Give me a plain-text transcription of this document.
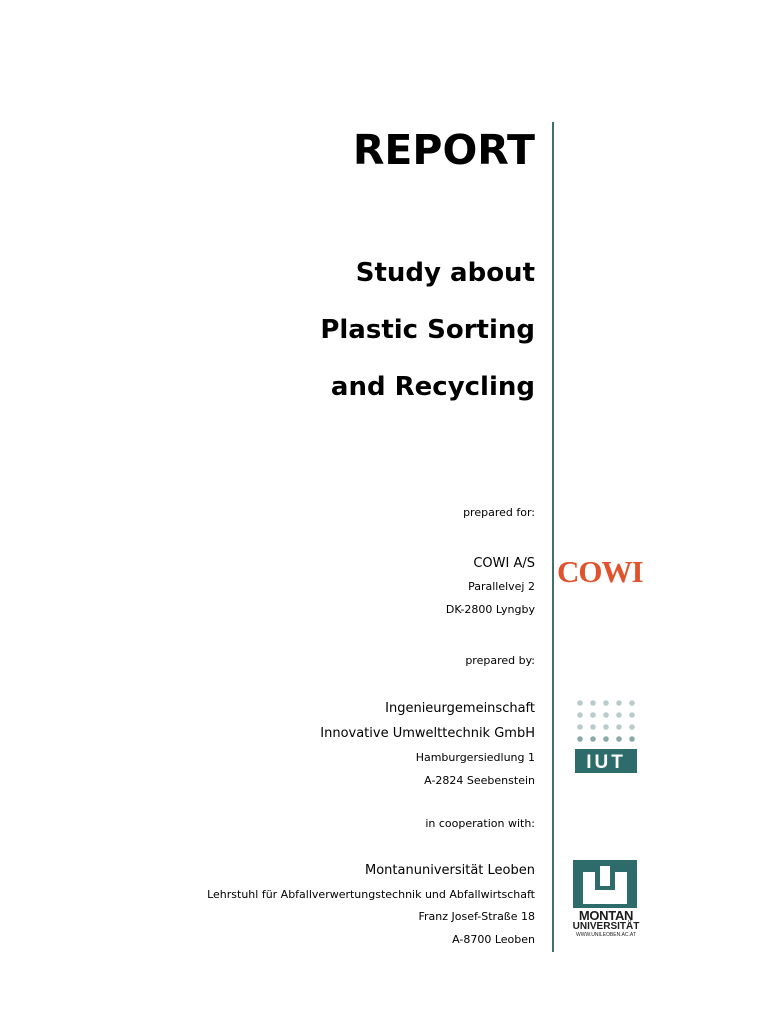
REPORT
Study about
Plastic Sorting
and Recycling
prepared for:
COWI A/S
Parallelvej 2
DK-2800 Lyngby
COWI
prepared by:
Ingenieurgemeinschaft
Innovative Umwelttechnik GmbH
Hamburgersiedlung 1
A-2824 Seebenstein
IUT
in cooperation with:
Montanuniversität Leoben
Lehrstuhl für Abfallverwertungstechnik und Abfallwirtschaft
Franz Josef-Straße 18
A-8700 Leoben
MONTAN
UNIVERSITÄT
WWW.UNILEOBEN.AC.AT
